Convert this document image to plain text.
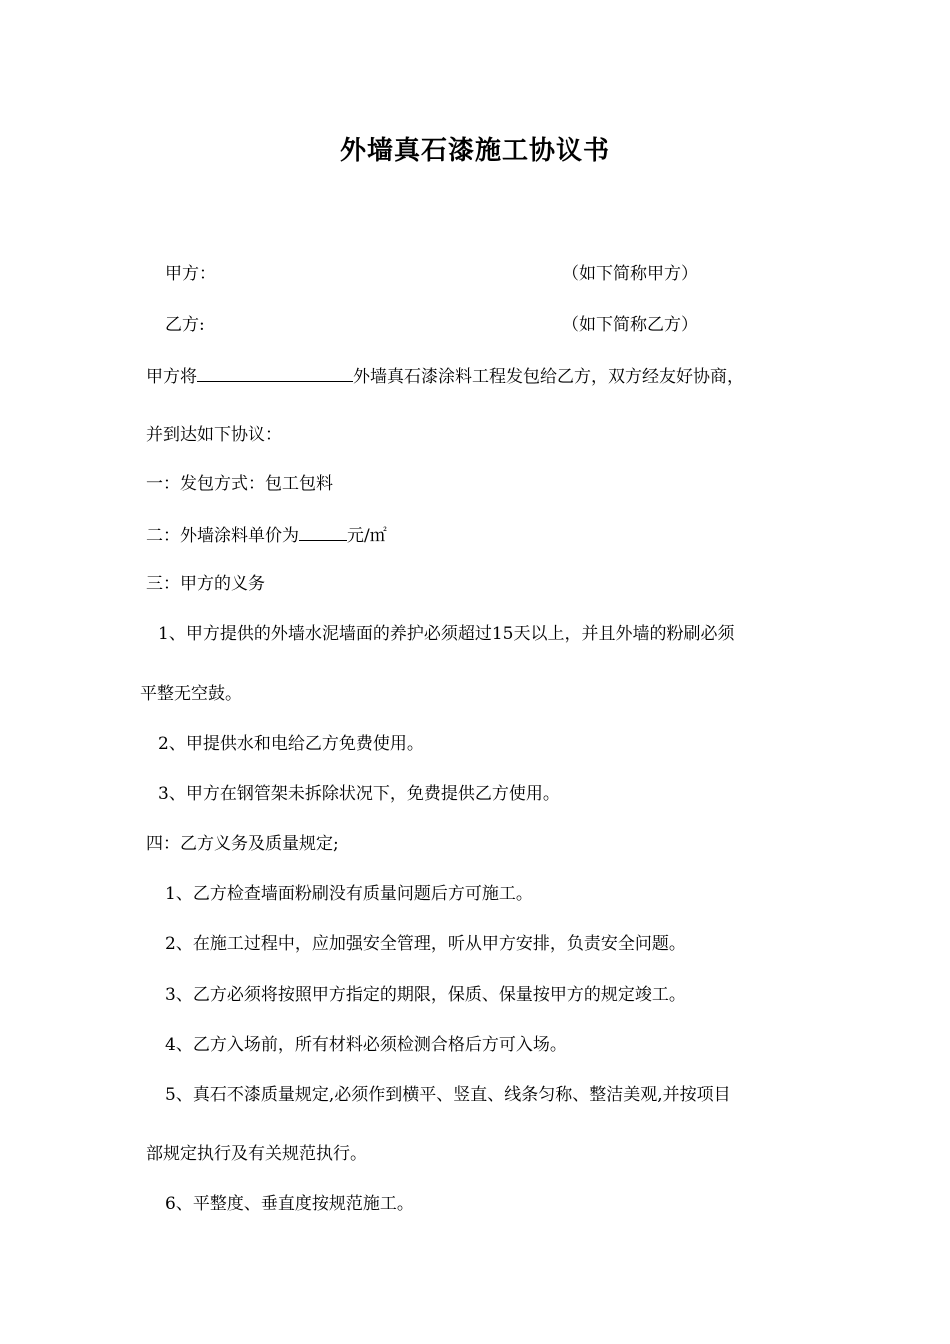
外墙真石漆施工协议书
甲方：	（如下简称甲方）
乙方:	（如下简称乙方）
甲方将	外墙真石漆涂料工程发包给乙方，双方经友好协商，
并到达如下协议：
一：发包方式：包工包料
二：外墙涂料单价为	元/㎡
三：甲方的义务
1、甲方提供的外墙水泥墙面的养护必须超过15天以上，并且外墙的粉刷必须
平整无空鼓。
2、甲提供水和电给乙方免费使用。
3、甲方在钢管架未拆除状况下，免费提供乙方使用。
四：乙方义务及质量规定;
1、乙方检查墙面粉刷没有质量问题后方可施工。
2、在施工过程中，应加强安全管理，听从甲方安排，负责安全问题。
3、乙方必须将按照甲方指定的期限，保质、保量按甲方的规定竣工。
4、乙方入场前，所有材料必须检测合格后方可入场。
5、真石不漆质量规定,必须作到横平、竖直、线条匀称、整洁美观,并按项目
部规定执行及有关规范执行。
6、平整度、垂直度按规范施工。
